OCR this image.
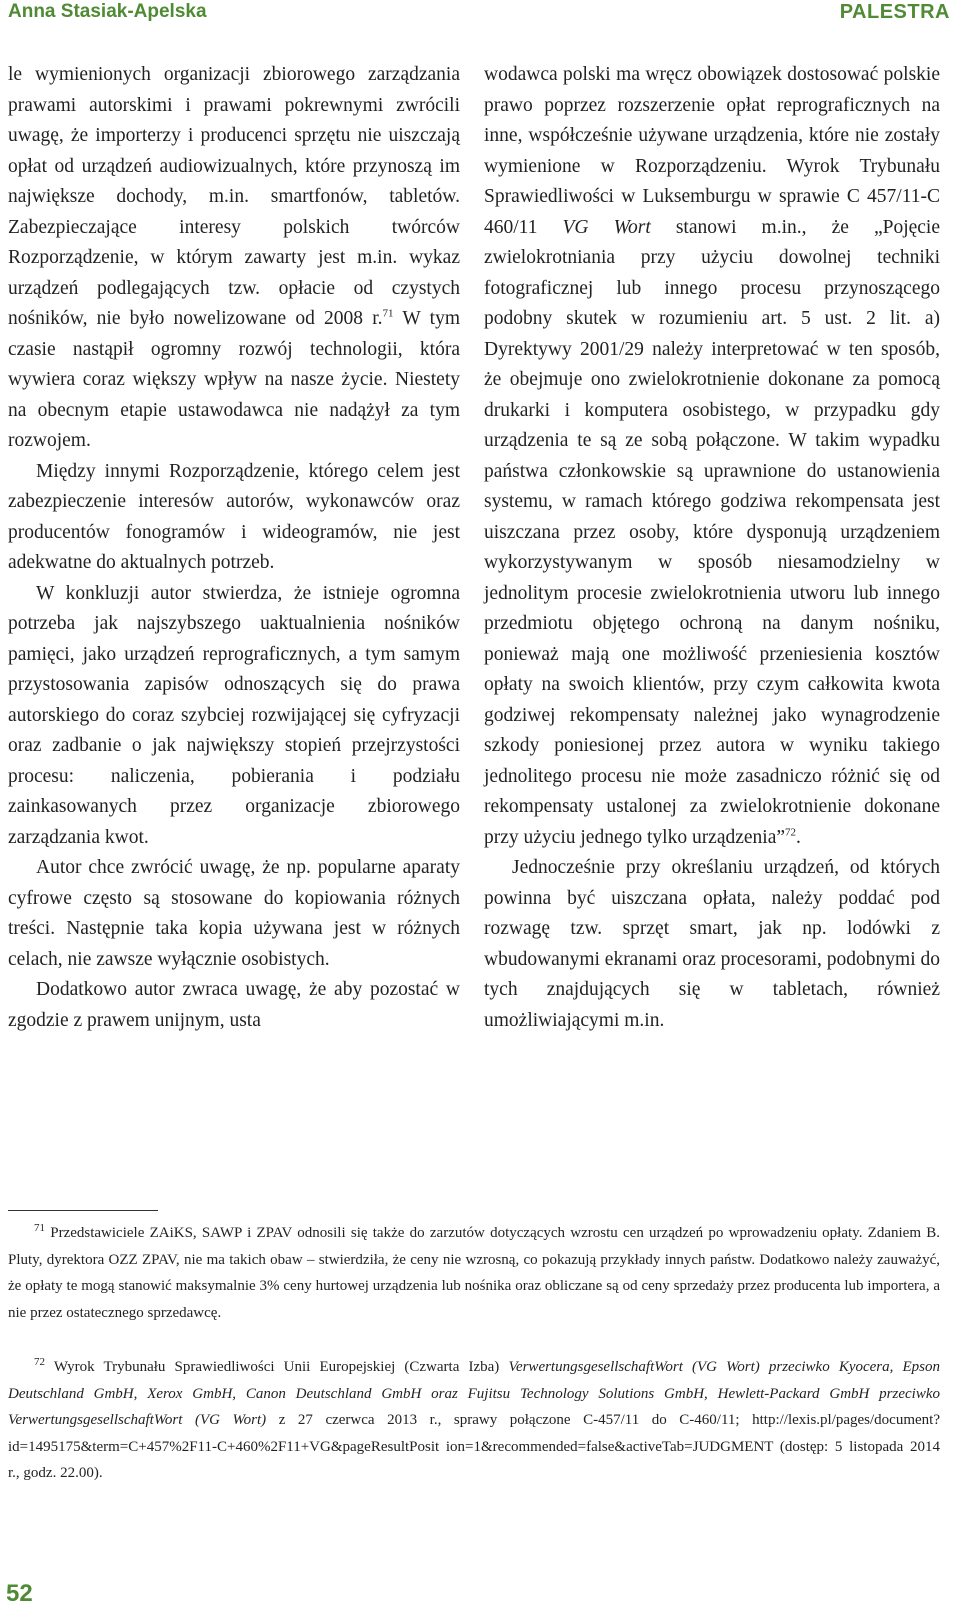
Anna Stasiak-Apelska	PALESTRA

le wymienionych organizacji zbiorowego zarządzania prawami autorskimi i prawami pokrewnymi zwrócili uwagę, że importerzy i producenci sprzętu nie uiszczają opłat od urządzeń audiowizualnych, które przynoszą im największe dochody, m.in. smartfonów, tabletów. Zabezpieczające interesy polskich twórców Rozporządzenie, w którym zawarty jest m.in. wykaz urządzeń podlegających tzw. opłacie od czystych nośników, nie było nowelizowane od 2008 r.$^{71}$ W tym czasie nastąpił ogromny rozwój technologii, która wywiera coraz większy wpływ na nasze życie. Niestety na obecnym etapie ustawodawca nie nadążył za tym rozwojem.

Między innymi Rozporządzenie, którego celem jest zabezpieczenie interesów autorów, wykonawców oraz producentów fonogramów i wideogramów, nie jest adekwatne do aktualnych potrzeb.

W konkluzji autor stwierdza, że istnieje ogromna potrzeba jak najszybszego uaktualnienia nośników pamięci, jako urządzeń reprograficznych, a tym samym przystosowania zapisów odnoszących się do prawa autorskiego do coraz szybciej rozwijającej się cyfryzacji oraz zadbanie o jak największy stopień przejrzystości procesu: naliczenia, pobierania i podziału zainkasowanych przez organizacje zbiorowego zarządzania kwot.

Autor chce zwrócić uwagę, że np. popularne aparaty cyfrowe często są stosowane do kopiowania różnych treści. Następnie taka kopia używana jest w różnych celach, nie zawsze wyłącznie osobistych.

Dodatkowo autor zwraca uwagę, że aby pozostać w zgodzie z prawem unijnym, usta

wodawca polski ma wręcz obowiązek dostosować polskie prawo poprzez rozszerzenie opłat reprograficznych na inne, współcześnie używane urządzenia, które nie zostały wymienione w Rozporządzeniu. Wyrok Trybunału Sprawiedliwości w Luksemburgu w sprawie C 457/11-C 460/11 VG Wort stanowi m.in., że „Pojęcie zwielokrotniania przy użyciu dowolnej techniki fotograficznej lub innego procesu przynoszącego podobny skutek w rozumieniu art. 5 ust. 2 lit. a) Dyrektywy 2001/29 należy interpretować w ten sposób, że obejmuje ono zwielokrotnienie dokonane za pomocą drukarki i komputera osobistego, w przypadku gdy urządzenia te są ze sobą połączone. W takim wypadku państwa członkowskie są uprawnione do ustanowienia systemu, w ramach którego godziwa rekompensata jest uiszczana przez osoby, które dysponują urządzeniem wykorzystywanym w sposób niesamodzielny w jednolitym procesie zwielokrotnienia utworu lub innego przedmiotu objętego ochroną na danym nośniku, ponieważ mają one możliwość przeniesienia kosztów opłaty na swoich klientów, przy czym całkowita kwota godziwej rekompensaty należnej jako wynagrodzenie szkody poniesionej przez autora w wyniku takiego jednolitego procesu nie może zasadniczo różnić się od rekompensaty ustalonej za zwielokrotnienie dokonane przy użyciu jednego tylko urządzenia”$^{72}$.

Jednocześnie przy określaniu urządzeń, od których powinna być uiszczana opłata, należy poddać pod rozwagę tzw. sprzęt smart, jak np. lodówki z wbudowanymi ekranami oraz procesorami, podobnymi do tych znajdujących się w tabletach, również umożliwiającymi m.in.

$^{71}$ Przedstawiciele ZAiKS, SAWP i ZPAV odnosili się także do zarzutów dotyczących wzrostu cen urządzeń po wprowadzeniu opłaty. Zdaniem B. Pluty, dyrektora OZZ ZPAV, nie ma takich obaw – stwierdziła, że ceny nie wzrosną, co pokazują przykłady innych państw. Dodatkowo należy zauważyć, że opłaty te mogą stanowić maksymalnie 3% ceny hurtowej urządzenia lub nośnika oraz obliczane są od ceny sprzedaży przez producenta lub importera, a nie przez ostatecznego sprzedawcę.

$^{72}$ Wyrok Trybunału Sprawiedliwości Unii Europejskiej (Czwarta Izba) VerwertungsgesellschaftWort (VG Wort) przeciwko Kyocera, Epson Deutschland GmbH, Xerox GmbH, Canon Deutschland GmbH oraz Fujitsu Technology Solutions GmbH, Hewlett-Packard GmbH przeciwko VerwertungsgesellschaftWort (VG Wort) z 27 czerwca 2013 r., sprawy połączone C-457/11 do C-460/11; http://lexis.pl/pages/document?id=1495175&term=C+457%2F11-C+460%2F11+VG&pageResultPosit ion=1&recommended=false&activeTab=JUDGMENT (dostęp: 5 listopada 2014 r., godz. 22.00).

52
